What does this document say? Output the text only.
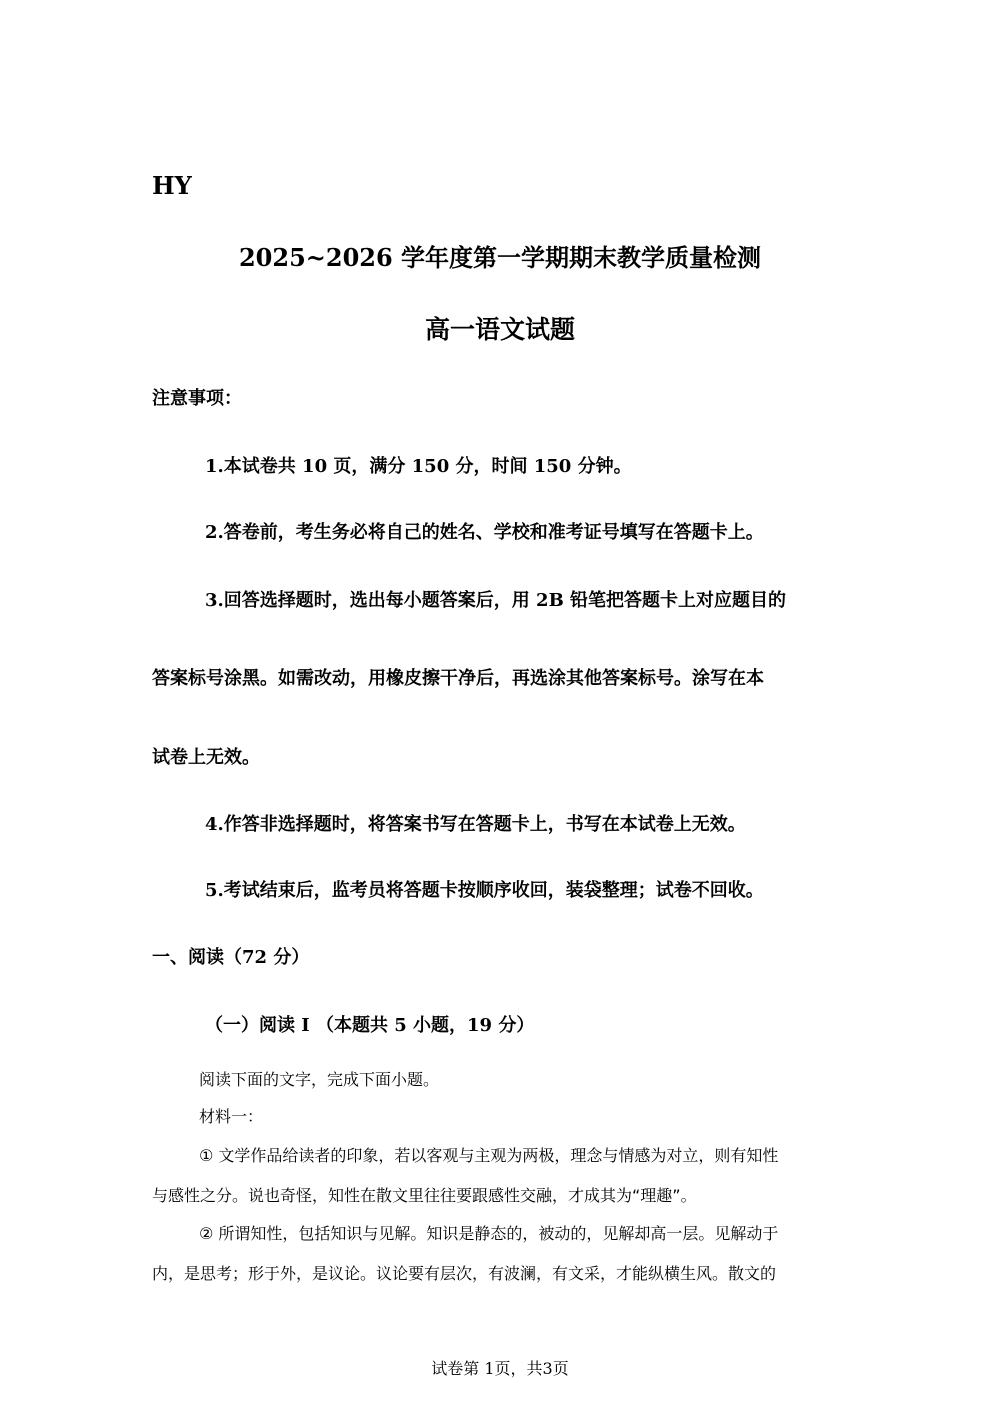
HY
2025~2026 学年度第一学期期末教学质量检测
高一语文试题
注意事项：
1.本试卷共 10 页，满分 150 分，时间 150 分钟。
2.答卷前，考生务必将自己的姓名、学校和准考证号填写在答题卡上。
3.回答选择题时，选出每小题答案后，用 2B 铅笔把答题卡上对应题目的
答案标号涂黑。如需改动，用橡皮擦干净后，再选涂其他答案标号。涂写在本
试卷上无效。
4.作答非选择题时，将答案书写在答题卡上，书写在本试卷上无效。
5.考试结束后，监考员将答题卡按顺序收回，装袋整理；试卷不回收。
一、阅读（72 分）
（一）阅读 I （本题共 5 小题，19 分）
阅读下面的文字，完成下面小题。
材料一：
① 文学作品给读者的印象，若以客观与主观为两极，理念与情感为对立，则有知性
与感性之分。说也奇怪，知性在散文里往往要跟感性交融，才成其为“理趣”。
② 所谓知性，包括知识与见解。知识是静态的，被动的，见解却高一层。见解动于
内，是思考；形于外，是议论。议论要有层次，有波澜，有文采，才能纵横生风。散文的
试卷第 1页，共3页
